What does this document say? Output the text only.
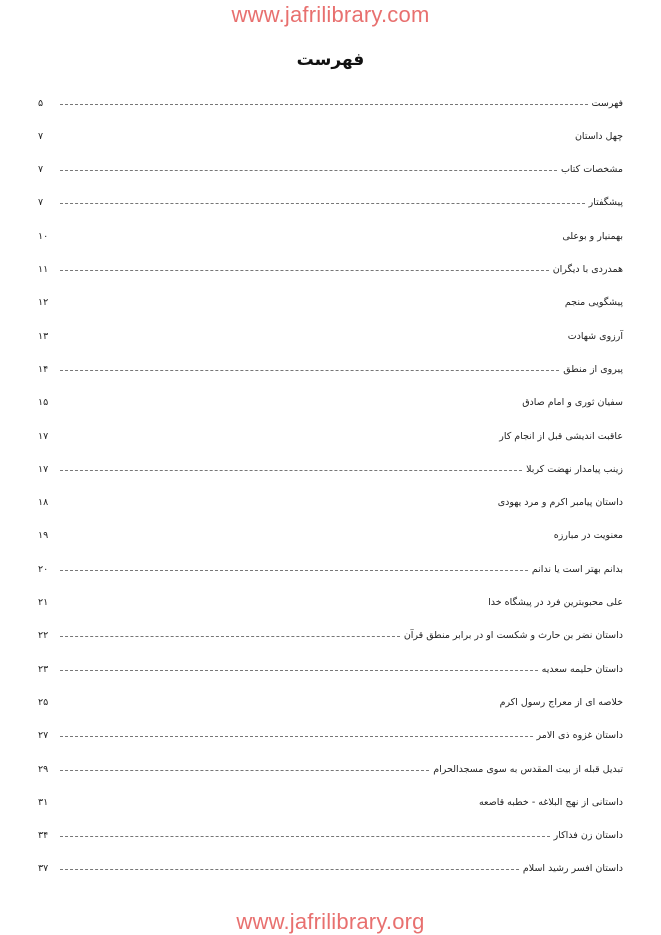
www.jafrilibrary.com
فهرست
۵	فهرست
۷	چهل داستان
۷	مشخصات کتاب
۷	پیشگفتار
۱۰	بهمنیار و بوعلی
۱۱	همدردی با دیگران
۱۲	پیشگویی منجم
۱۳	آرزوی شهادت
۱۴	پیروی از منطق
۱۵	سفیان ثوری و امام صادق
۱۷	عاقبت اندیشی قبل از انجام کار
۱۷	زینب پیامدار نهضت کربلا
۱۸	داستان پیامبر اکرم و مرد یهودی
۱۹	معنویت در مبارزه
۲۰	بدانم بهتر است یا ندانم
۲۱	علی محبوبترین فرد در پیشگاه خدا
۲۲	داستان نضر بن حارث و شکست او در برابر منطق قرآن
۲۳	داستان حلیمه سعدیه
۲۵	خلاصه ای از معراج رسول اکرم
۲۷	داستان غزوه ذی الامر
۲۹	تبدیل قبله از بیت المقدس به سوی مسجدالحرام
۳۱	داستانی از نهج البلاغه - خطبه قاصعه
۳۴	داستان زن فداکار
۳۷	داستان افسر رشید اسلام
www.jafrilibrary.org
